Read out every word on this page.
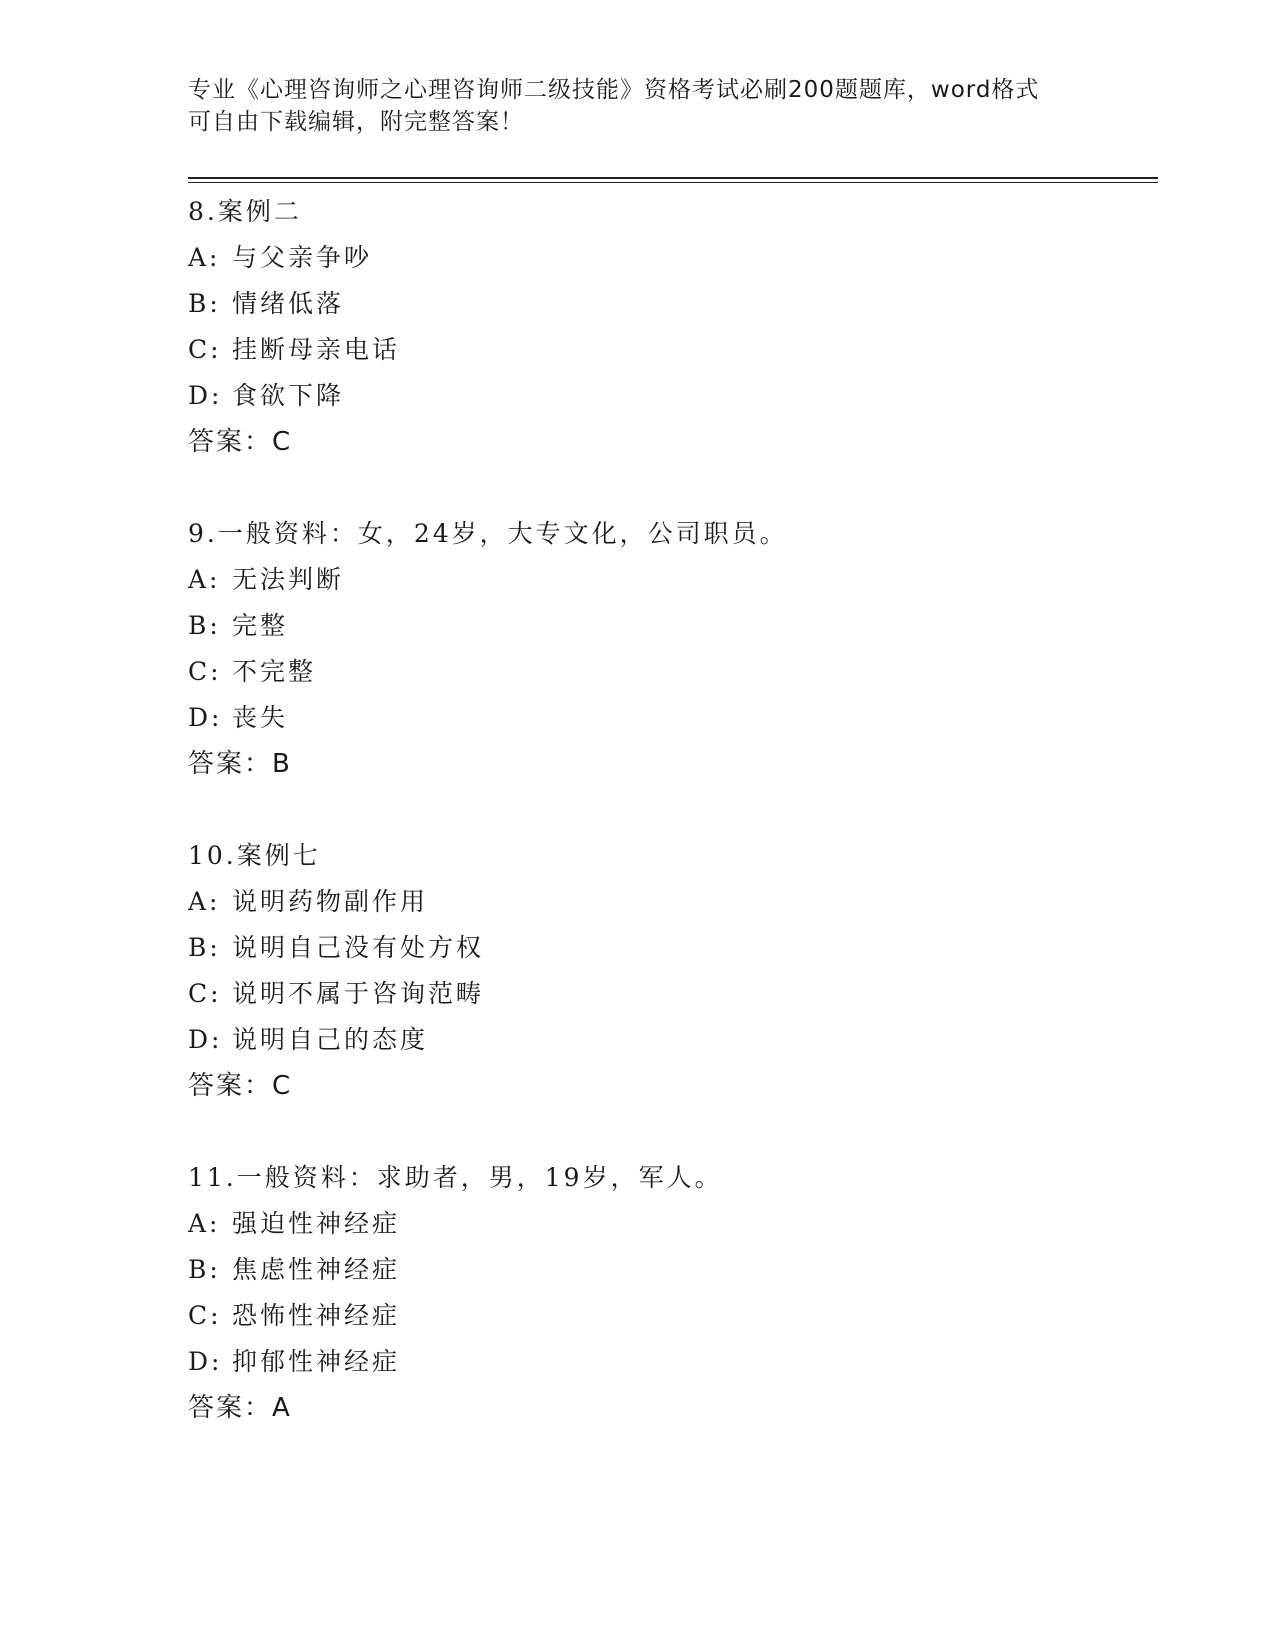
专业《心理咨询师之心理咨询师二级技能》资格考试必刷200题题库，word格式
可自由下载编辑，附完整答案！
8.案例二
A: 与父亲争吵
B: 情绪低落
C: 挂断母亲电话
D: 食欲下降
答案：C
9.一般资料：女，24岁，大专文化，公司职员。
A: 无法判断
B: 完整
C: 不完整
D: 丧失
答案：B
10.案例七
A: 说明药物副作用
B: 说明自己没有处方权
C: 说明不属于咨询范畴
D: 说明自己的态度
答案：C
11.一般资料：求助者，男，19岁，军人。
A: 强迫性神经症
B: 焦虑性神经症
C: 恐怖性神经症
D: 抑郁性神经症
答案：A
